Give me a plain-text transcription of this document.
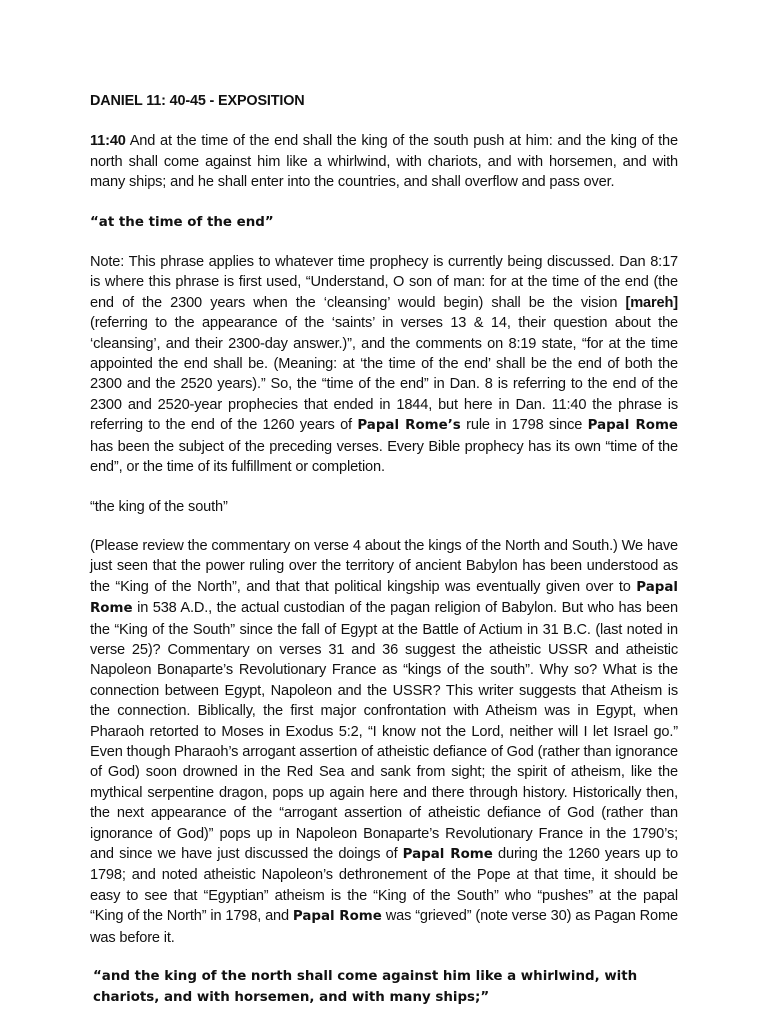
DANIEL 11: 40-45 - EXPOSITION

11:40 And at the time of the end shall the king of the south push at him: and the king of the north shall come against him like a whirlwind, with chariots, and with horsemen, and with many ships; and he shall enter into the countries, and shall overflow and pass over.

“at the time of the end”

Note: This phrase applies to whatever time prophecy is currently being discussed. Dan 8:17 is where this phrase is first used, “Understand, O son of man: for at the time of the end (the end of the 2300 years when the ‘cleansing’ would begin) shall be the vision [mareh] (referring to the appearance of the ‘saints’ in verses 13 & 14, their question about the ‘cleansing’, and their 2300-day answer.)”, and the comments on 8:19 state, “for at the time appointed the end shall be. (Meaning: at ‘the time of the end’ shall be the end of both the 2300 and the 2520 years).” So, the “time of the end” in Dan. 8 is referring to the end of the 2300 and 2520-year prophecies that ended in 1844, but here in Dan. 11:40 the phrase is referring to the end of the 1260 years of Papal Rome’s rule in 1798 since Papal Rome has been the subject of the preceding verses. Every Bible prophecy has its own “time of the end”, or the time of its fulfillment or completion.

“the king of the south”

(Please review the commentary on verse 4 about the kings of the North and South.) We have just seen that the power ruling over the territory of ancient Babylon has been understood as the “King of the North”, and that that political kingship was eventually given over to Papal Rome in 538 A.D., the actual custodian of the pagan religion of Babylon. But who has been the “King of the South” since the fall of Egypt at the Battle of Actium in 31 B.C. (last noted in verse 25)? Commentary on verses 31 and 36 suggest the atheistic USSR and atheistic Napoleon Bonaparte’s Revolutionary France as “kings of the south”. Why so? What is the connection between Egypt, Napoleon and the USSR? This writer suggests that Atheism is the connection. Biblically, the first major confrontation with Atheism was in Egypt, when Pharaoh retorted to Moses in Exodus 5:2, “I know not the Lord, neither will I let Israel go.” Even though Pharaoh’s arrogant assertion of atheistic defiance of God (rather than ignorance of God) soon drowned in the Red Sea and sank from sight; the spirit of atheism, like the mythical serpentine dragon, pops up again here and there through history. Historically then, the next appearance of the “arrogant assertion of atheistic defiance of God (rather than ignorance of God)” pops up in Napoleon Bonaparte’s Revolutionary France in the 1790’s; and since we have just discussed the doings of Papal Rome during the 1260 years up to 1798; and noted atheistic Napoleon’s dethronement of the Pope at that time, it should be easy to see that “Egyptian” atheism is the “King of the South” who “pushes” at the papal “King of the North” in 1798, and Papal Rome was “grieved” (note verse 30) as Pagan Rome was before it.

“and the king of the north shall come against him like a whirlwind, with chariots, and with horsemen, and with many ships;”
